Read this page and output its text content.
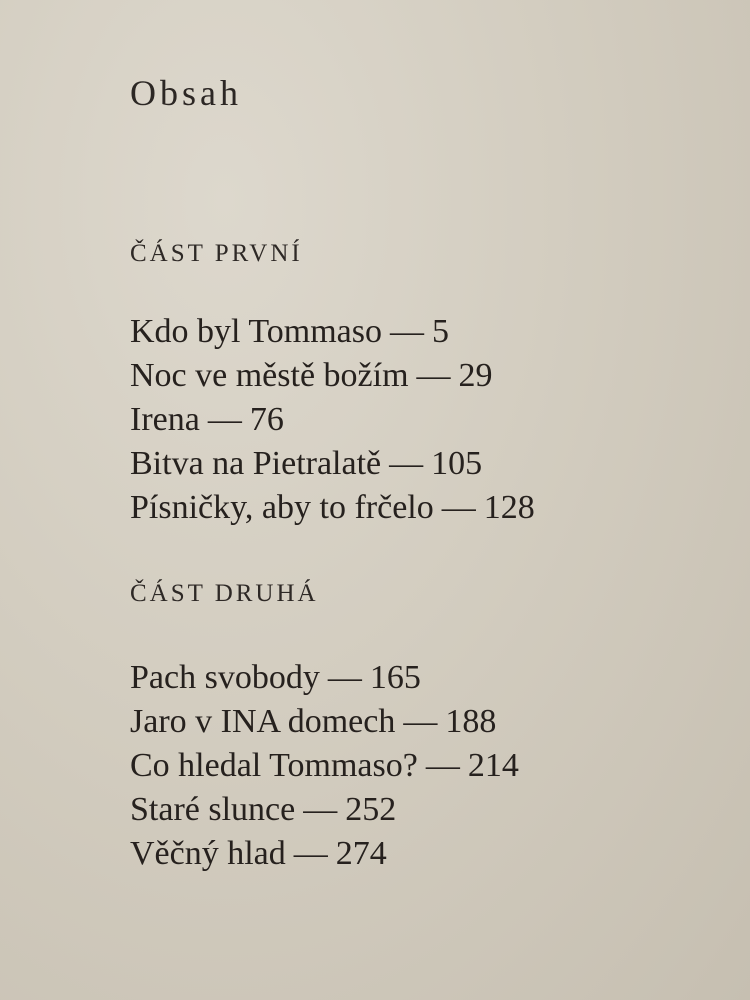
Obsah
ČÁST PRVNÍ
Kdo byl Tommaso — 5
Noc ve městě božím — 29
Irena — 76
Bitva na Pietralatě — 105
Písničky, aby to frčelo — 128
ČÁST DRUHÁ
Pach svobody — 165
Jaro v INA domech — 188
Co hledal Tommaso? — 214
Staré slunce — 252
Věčný hlad — 274
